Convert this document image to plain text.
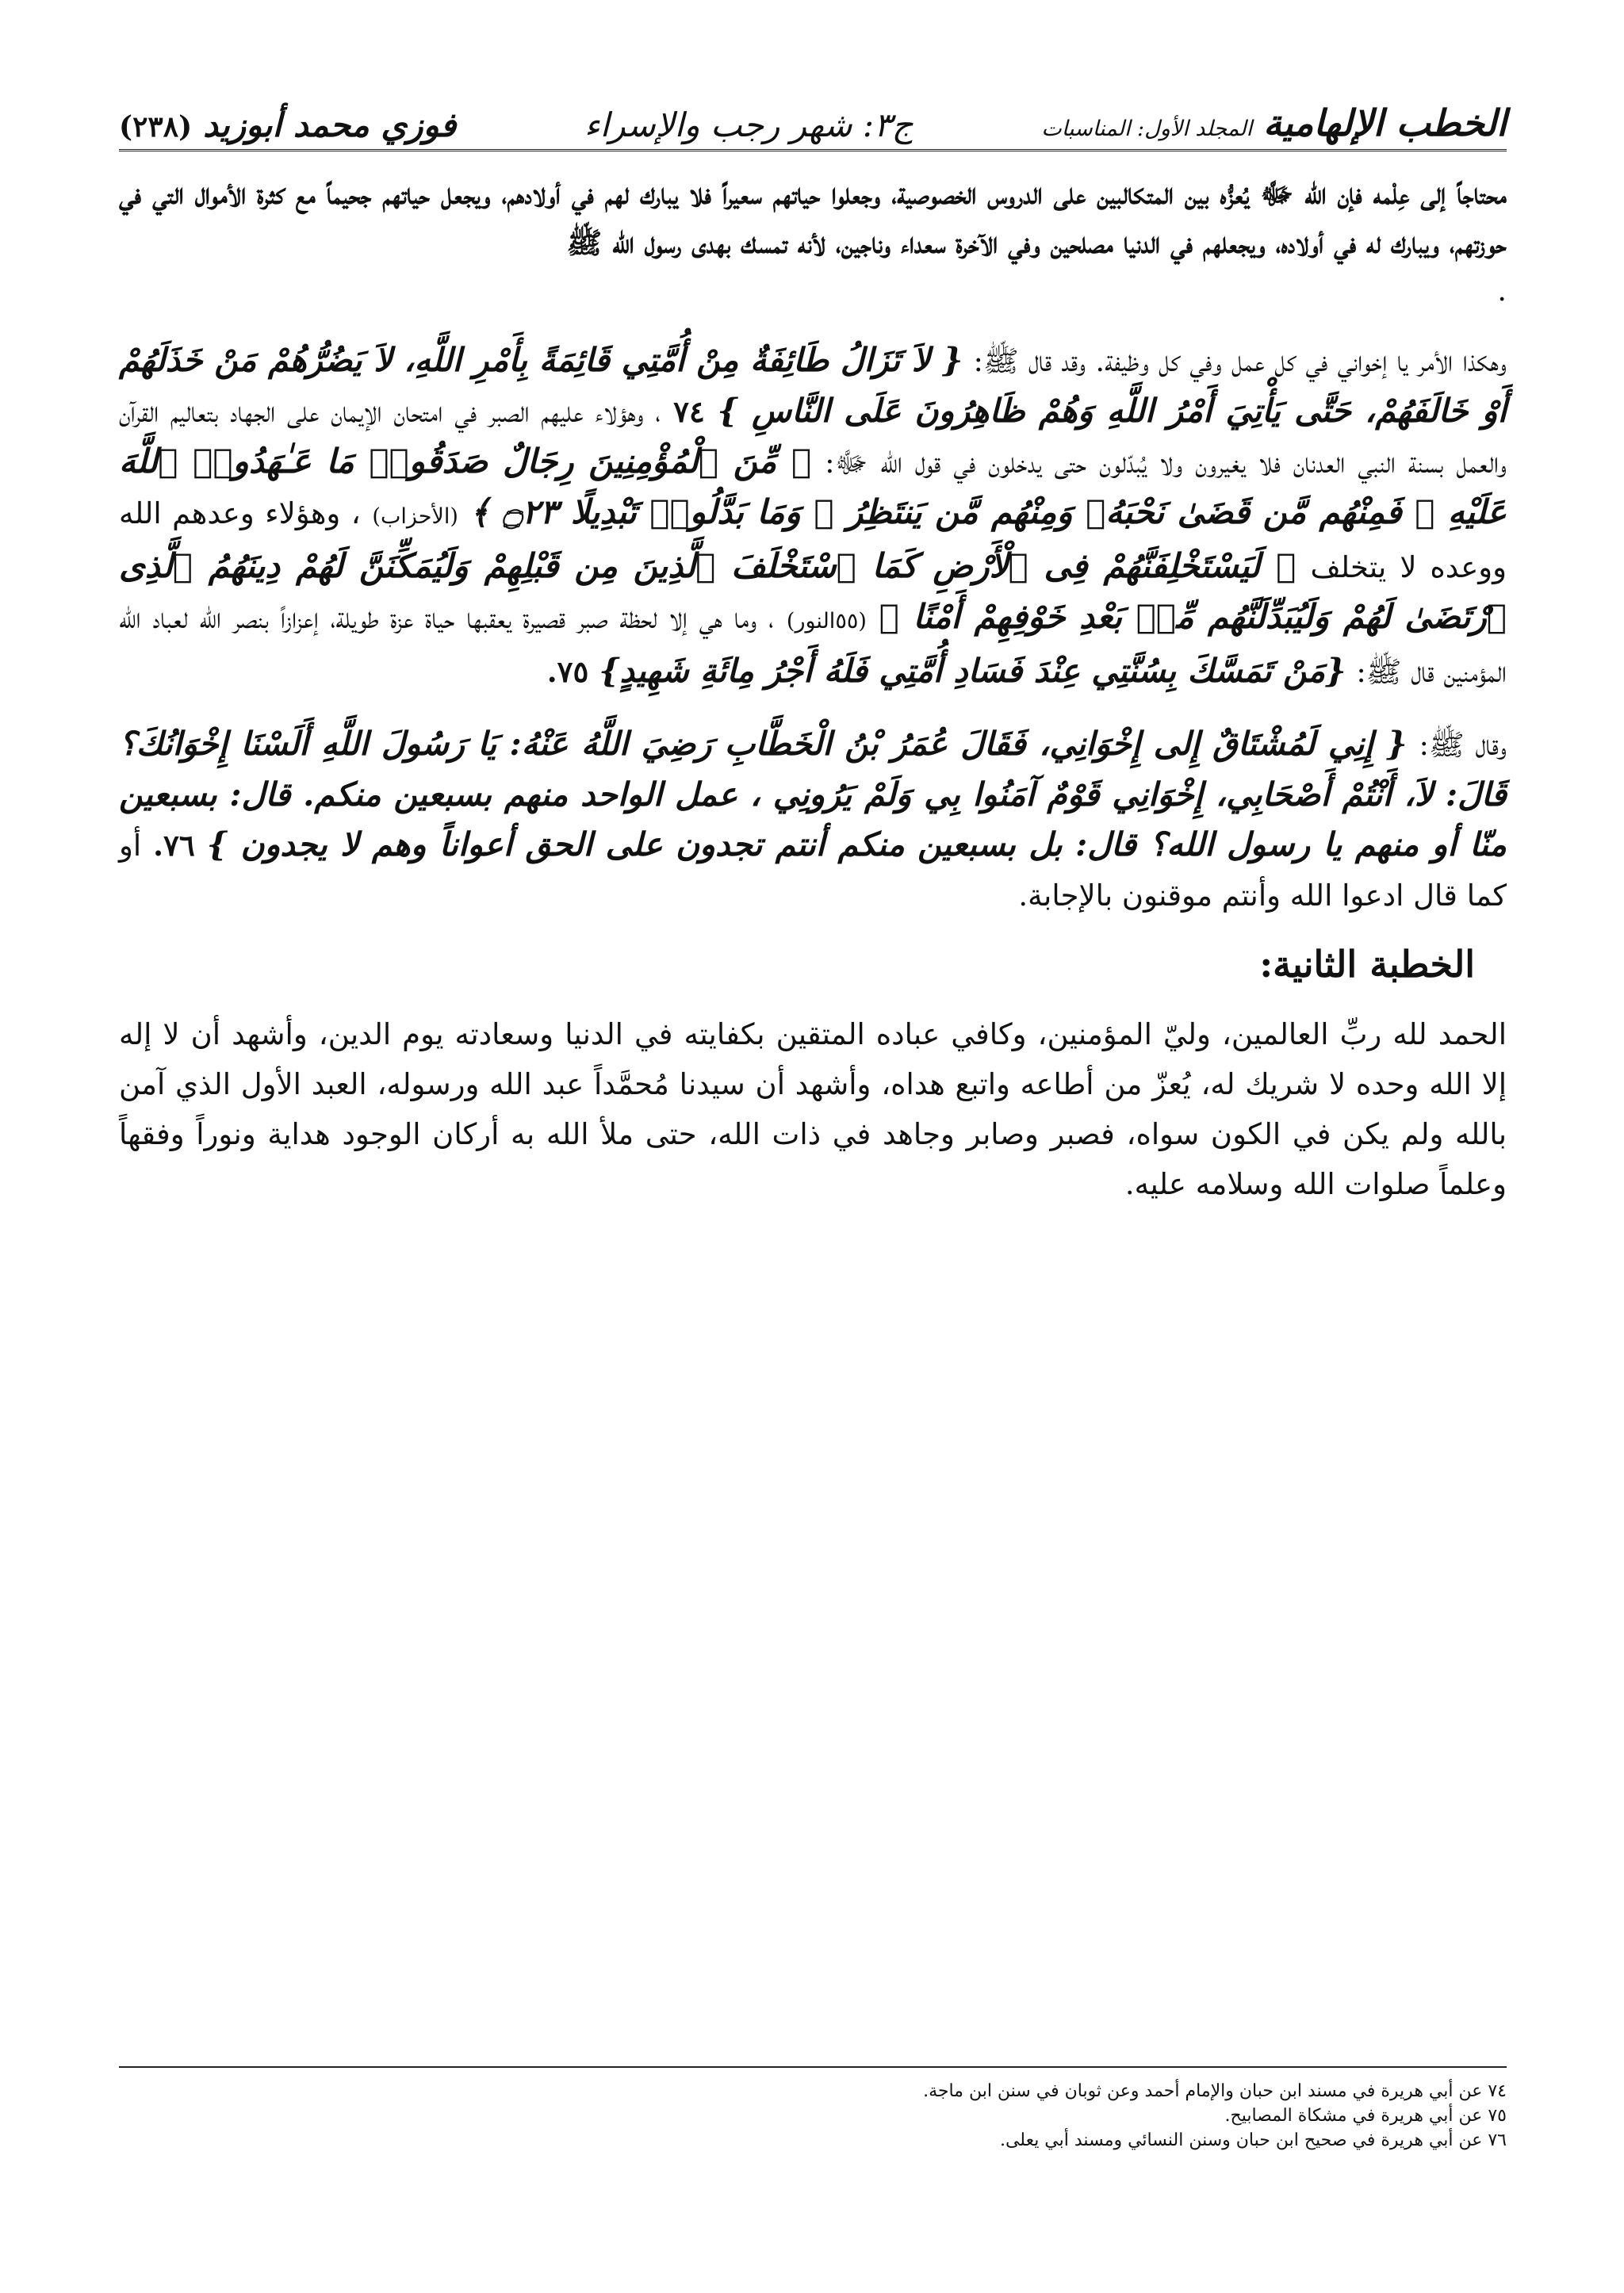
الخطب الإلهامية
المجلد الأول: المناسبات
ج٣: شهر رجب والإسراء
فوزي محمد أبوزيد
(٢٣٨)

محتاجاً إلى عِلْمه فإن الله ﷻ يُعزُّه بين المتكالبين على الدروس الخصوصية، وجعلوا حياتهم سعيراً فلا يبارك لهم في أولادهم، ويجعل حياتهم جحيماً مع كثرة الأموال التي في حوزتهم، ويبارك له في أولاده، ويجعلهم في الدنيا مصلحين وفي الآخرة سعداء وناجين، لأنه تمسك بهدى رسول الله ﷺ

.

وهكذا الأمر يا إخواني في كل عمل وفي كل وظيفة. وقد قال ﷺ: { لاَ تَزَالُ طَائِفَةٌ مِنْ أُمَّتِي قَائِمَةً بِأَمْرِ اللَّهِ، لاَ يَضُرُّهُمْ مَنْ خَذَلَهُمْ أَوْ خَالَفَهُمْ، حَتَّى يَأْتِيَ أَمْرُ اللَّهِ وَهُمْ ظَاهِرُونَ عَلَى النَّاسِ } ٧٤ ، وهؤلاء عليهم الصبر في امتحان الإيمان على الجهاد بتعاليم القرآن والعمل بسنة النبي العدنان فلا يغيرون ولا يُبدّلون حتى يدخلون في قول الله ﷻ: ﴿ مِّنَ ٱلْمُؤْمِنِينَ رِجَالٌ صَدَقُوا۟ مَا عَـٰهَدُوا۟ ٱللَّهَ عَلَيْهِ ۖ فَمِنْهُم مَّن قَضَىٰ نَحْبَهُۥ وَمِنْهُم مَّن يَنتَظِرُ ۖ وَمَا بَدَّلُوا۟ تَبْدِيلًا ۝٢٣ ﴾ (الأحزاب) ، وهؤلاء وعدهم الله ووعده لا يتخلف ﴿ لَيَسْتَخْلِفَنَّهُمْ فِى ٱلْأَرْضِ كَمَا ٱسْتَخْلَفَ ٱلَّذِينَ مِن قَبْلِهِمْ وَلَيُمَكِّنَنَّ لَهُمْ دِينَهُمُ ٱلَّذِى ٱرْتَضَىٰ لَهُمْ وَلَيُبَدِّلَنَّهُم مِّنۢ بَعْدِ خَوْفِهِمْ أَمْنًا ﴾ (٥٥النور) ، وما هي إلا لحظة صبر قصيرة يعقبها حياة عزة طويلة، إعزازاً بنصر الله لعباد الله المؤمنين قال ﷺ: {مَنْ تَمَسَّكَ بِسُنَّتِي عِنْدَ فَسَادِ أُمَّتِي فَلَهُ أَجْرُ مِائَةِ شَهِيدٍ} ٧٥.

وقال ﷺ: { إِنِي لَمُشْتَاقٌ إِلى إِخْوَانِي، فَقَالَ عُمَرُ بْنُ الْخَطَّابِ رَضِيَ اللَّهُ عَنْهُ: يَا رَسُولَ اللَّهِ أَلَسْنَا إِخْوَانُكَ؟ قَالَ: لاَ، أَنْتُمْ أَصْحَابِي، إِخْوَانِي قَوْمٌ آمَنُوا بِي وَلَمْ يَرُونِي ، عمل الواحد منهم بسبعين منكم. قال: بسبعين منّا أو منهم يا رسول الله؟ قال: بل بسبعين منكم أنتم تجدون على الحق أعواناً وهم لا يجدون } ٧٦. أو كما قال ادعوا الله وأنتم موقنون بالإجابة.

الخطبة الثانية:

الحمد لله ربِّ العالمين، وليّ المؤمنين، وكافي عباده المتقين بكفايته في الدنيا وسعادته يوم الدين، وأشهد أن لا إله إلا الله وحده لا شريك له، يُعزّ من أطاعه واتبع هداه، وأشهد أن سيدنا مُحمَّداً عبد الله ورسوله، العبد الأول الذي آمن بالله ولم يكن في الكون سواه، فصبر وصابر وجاهد في ذات الله، حتى ملأ الله به أركان الوجود هداية ونوراً وفقهاً وعلماً صلوات الله وسلامه عليه.

٧٤ عن أبي هريرة في مسند ابن حبان والإمام أحمد وعن ثوبان في سنن ابن ماجة.

٧٥ عن أبي هريرة في مشكاة المصابيح.

٧٦ عن أبي هريرة في صحيح ابن حبان وسنن النسائي ومسند أبي يعلى.
